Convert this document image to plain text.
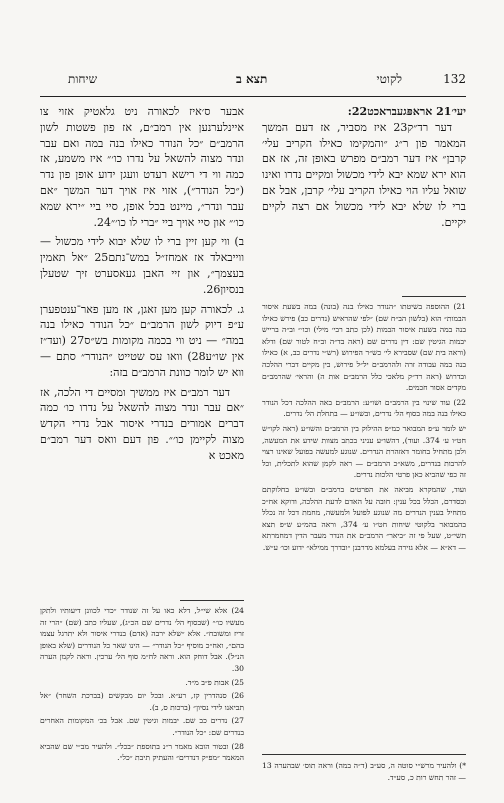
132
לקוטי
תצא ב
שיחות

יעי׳21 אראפּגעבראכט22:

דער רד״ק23 איז מסביר, אז דעם המשך המאמר פון ר״ג ״והמקימו כאילו הקריב עלי׳ קרבן״ איז דער רמב״ם מפרש באופן זה, אז אם הוא ירא שמא יבא לידי מכשול ומקיים נדרו ואינו שואל עליו הוי כאילו הקריב עלי׳ קרבן, אבל אם ברי לו שלא יבא לידי מכשול אם רצה לקיים יקיים.

21) ההוספה בשיטתו ״הנודר כאילו בנה (בונה) במה בשעת איסור הבמות״ הוא (בלשון הב״ח שם) ״לפי שהראיש (נדרים כב) פירש כאילו בנה במה בשעת איסור הבמות (לכן כתב רבי׳ מילי) וכו׳״ וב״ה ברייש יבמות הגיטין שם: דין נדרים שם (ראה בד״ה וב״ח לטור שם) ודלא (וראה בית שם) שסבירא לי׳ כש״ר הפירוש (רש״י נדרים כב, א) כאילו בנה במה עבודה זרה ולהרמב״ם יל״ל פירוש, בין מקיים דברי ההלכה ובדרוש (ראה רד״ק מלאכי כלל הרמב״ם אות ה) והראי׳ שהרמב״ם מקדים אסור חכמים.

22) עוד שינוי בין הרמב״ם ושו״ע: הרמב״ם באה ההלכה דכל הנודר כאילו בנה במה בסוף הל׳ נדרים, ובשו״ע — בתחלת הל׳ נדרים.

יש לומר ע״פ המבואר כמ״פ ההילוק בין הרמב״ם והשו״ע (ראה לקו״ש חט״ו ע׳ 374. ועוד), דהשו״ע עניני בכתב מצוות שידע את המעשה, ולכן מתחיל בחומר דאזהרת הנדרים. שנוגע למעשה בפועל שאינו רצוי להרבות בנדרים, משא״כ הרמב״ם — ראה לקמן שהוא לתכלית, וכל זה כפי שהביא כאן פרטי הלכות נדרים.

ועוד, שהמקרא מביאה את הפרטים ברמב״ם ובשו״ע בחלוקתם ובסדרם, הכלל בכל ענין: חובה על האדם לדעת ההלכה, ודוקא אח״כ מתחיל בענין הנדרים מה שנוגע לפועל ולמעשה, מחמת דכל זה נכלל בהמבואר בלקוטי שיחות חט״ו ע׳ 374, וראה בהמ״ע ש״פ תצא תשי״ט, שעל פי זה ״ביאר״ הרמב״ם את הנדר מעבר הדין דמחמרתא — דא״א — אלא גזירה בעלמא מדרבנן ״ובדרך ממילא״ ידוע וכו׳ ע״ש.

*) ולהעיר מרש״י סוטה ה, סע״ב (ד״ה במה) וראה תוס׳ שבהערה 13 — זהר תחש רות כ, סע״ד.

אבער ס׳איז לכאורה ניט גלאטיק אזוי צו איינלערנען אין רמב״ם, אז פון פשטות לשון הרמב״ם ״כל הנודר כאילו בנה במה ואם עבר ונדר מצוה להשאל על נדרו כו׳״ איז משמע, אז כמה ווי די רישא רעדט וועגן ידוע אופן פון נדר (״כל הנודר״), אזוי איז אויך דער המשך ״אם עבר ונדר״, מיינט בכל אופן, סיי ביי ״ירא שמא כו׳״ און סיי אויך ביי ״ברי לו כו׳״24.

ב) ווי קען זיין ברי לו שלא יבוא לידי מכשול — ווייבאלד אז אמחז״ל במש־נתם25 ״אל תאמין בעצמך״, און זיי האבן געאסערט זיך שטעלן בנסיון26.

ג. לכאורה קען מען זאגן, אז מען פאר־ענטפערן ע״פ דיוק לשון הרמב״ם ״כל הנודר כאילו בנה במה״ — ניט ווי בכמה מקומות בש״ס27 (ועד״ז אין שו״ע28) וואו עס שטייט ״הנודר״ סתם — ווא יש לומר כוונת הרמב״ם בזה:

דער רמב״ם איז ממשיך ומסיים די הלכה, אז ״אם עבר ונדר מצוה להשאל על נדרו כו׳ כמה דברים אמורים בנדרי איסור אבל נדרי הקדש מצוה לקיימן כו׳״. פון דעם וואס דער רמב״ם מאכט א

24) אלא שי״ל, דלא כאו על זה שנודר ״כדי לכוונן דיעותיו ולתקן מעשיו כו׳״ (שבסוף הל׳ נדרים שם הכ״ג), שעליו כתב (שם) ״הרי זה זריז ומשובח״. אלא ״שלא ירבה (אדם) בנדרי איסור ולא יתרגל עצמו בהם״, ואח״כ מוסיף ״כל הנודר״ — הינו שאר כל הנודרים (שלא באופן הנ״ל). אבל דוחק הוא. וראה לח״מ סוף הל׳ ערכין. וראה לקמן הערה 30.

25) אבות פ״ב מ״ד.

26) סנהדרין קז, רע״א. ובכל יום מבקשים (בברכת השחר) ״אל תביאנו לידי נסיון״ (ברכות ס, ב).

27) נדרים כב שם. יבמות וגיטין שם. אבל בכ׳ המקומות האחרים בנדרים שם: ״כל הנודר״.

28) ובטור הובא מאמר ר״נ בתוספת ״בכל״. ולהעיר מב״י שם שהביא המאמר ״מפ״ק דנדרים״ והעתיק תיבת ״כל״.
